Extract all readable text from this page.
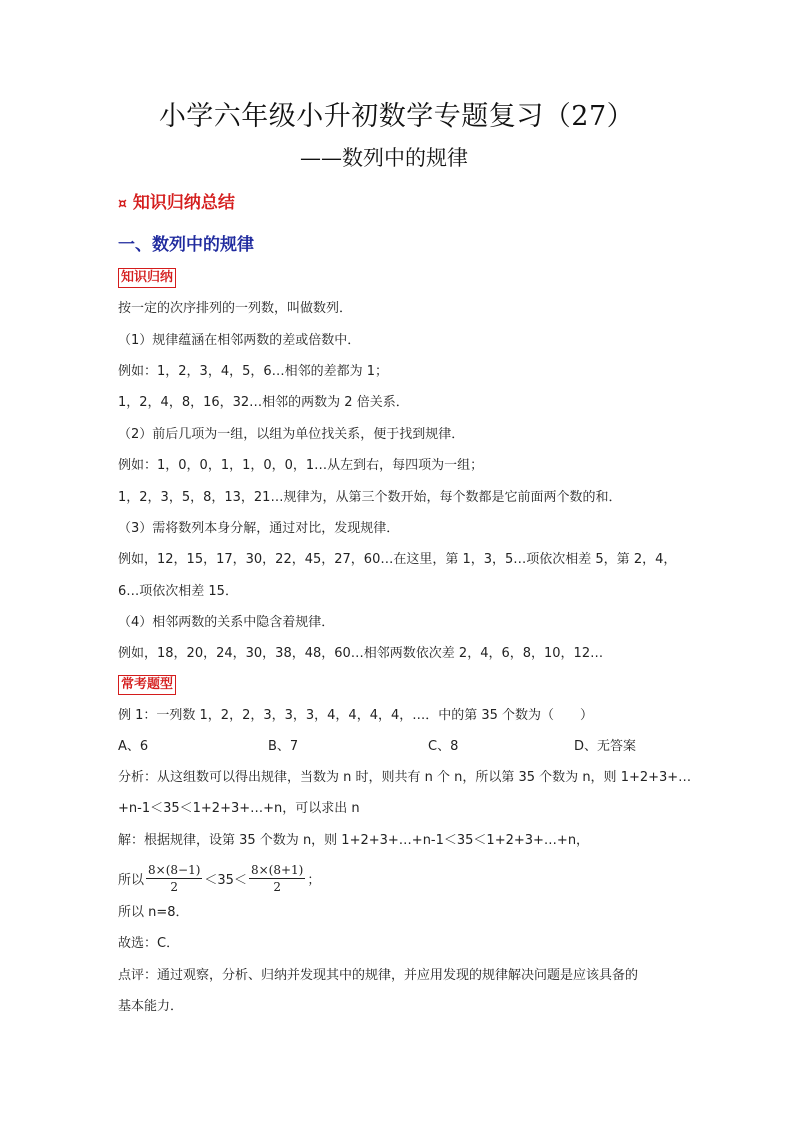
小学六年级小升初数学专题复习（27）
——数列中的规律
¤ 知识归纳总结
一、数列中的规律
知识归纳
按一定的次序排列的一列数，叫做数列．
（1）规律蕴涵在相邻两数的差或倍数中．
例如：1，2，3，4，5，6…相邻的差都为 1；
1，2，4，8，16，32…相邻的两数为 2 倍关系．
（2）前后几项为一组，以组为单位找关系，便于找到规律．
例如：1，0，0，1，1，0，0，1…从左到右，每四项为一组；
1，2，3，5，8，13，21…规律为，从第三个数开始，每个数都是它前面两个数的和．
（3）需将数列本身分解，通过对比，发现规律．
例如，12，15，17，30，22，45，27，60…在这里，第 1，3，5…项依次相差 5，第 2，4，
6…项依次相差 15．
（4）相邻两数的关系中隐含着规律．
例如，18，20，24，30，38，48，60…相邻两数依次差 2，4，6，8，10，12…
常考题型
例 1：一列数 1，2，2，3，3，3，4，4，4，4，…．中的第 35 个数为（　　）
A、6	B、7	C、8	D、无答案
分析：从这组数可以得出规律，当数为 n 时，则共有 n 个 n，所以第 35 个数为 n，则 1+2+3+…
+n-1＜35＜1+2+3+…+n，可以求出 n
解：根据规律，设第 35 个数为 n，则 1+2+3+…+n-1＜35＜1+2+3+…+n，
所以 $\frac{8\times(8-1)}{2} <35< \frac{8\times(8+1)}{2}$ ；
所以 n=8．
故选：C．
点评：通过观察，分析、归纳并发现其中的规律，并应用发现的规律解决问题是应该具备的
基本能力．
